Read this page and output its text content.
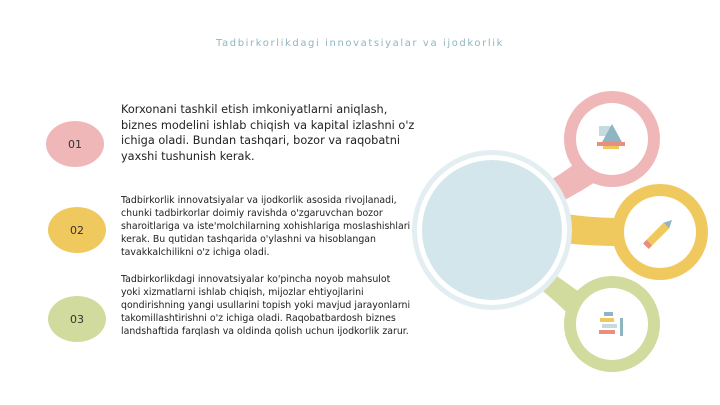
Tadbirkorlikdagi innovatsiyalar va ijodkorlik
01
Korxonani tashkil etish imkoniyatlarni aniqlash, biznes modelini ishlab chiqish va kapital izlashni o'z ichiga oladi. Bundan tashqari, bozor va raqobatni yaxshi tushunish kerak.
02
Tadbirkorlik innovatsiyalar va ijodkorlik asosida rivojlanadi, chunki tadbirkorlar doimiy ravishda o'zgaruvchan bozor sharoitlariga va iste'molchilarning xohishlariga moslashishlari kerak. Bu qutidan tashqarida o'ylashni va hisoblangan tavakkalchilikni o'z ichiga oladi.
03
Tadbirkorlikdagi innovatsiyalar ko'pincha noyob mahsulot yoki xizmatlarni ishlab chiqish, mijozlar ehtiyojlarini qondirishning yangi usullarini topish yoki mavjud jarayonlarni takomillashtirishni o'z ichiga oladi. Raqobatbardosh biznes landshaftida farqlash va oldinda qolish uchun ijodkorlik zarur.
